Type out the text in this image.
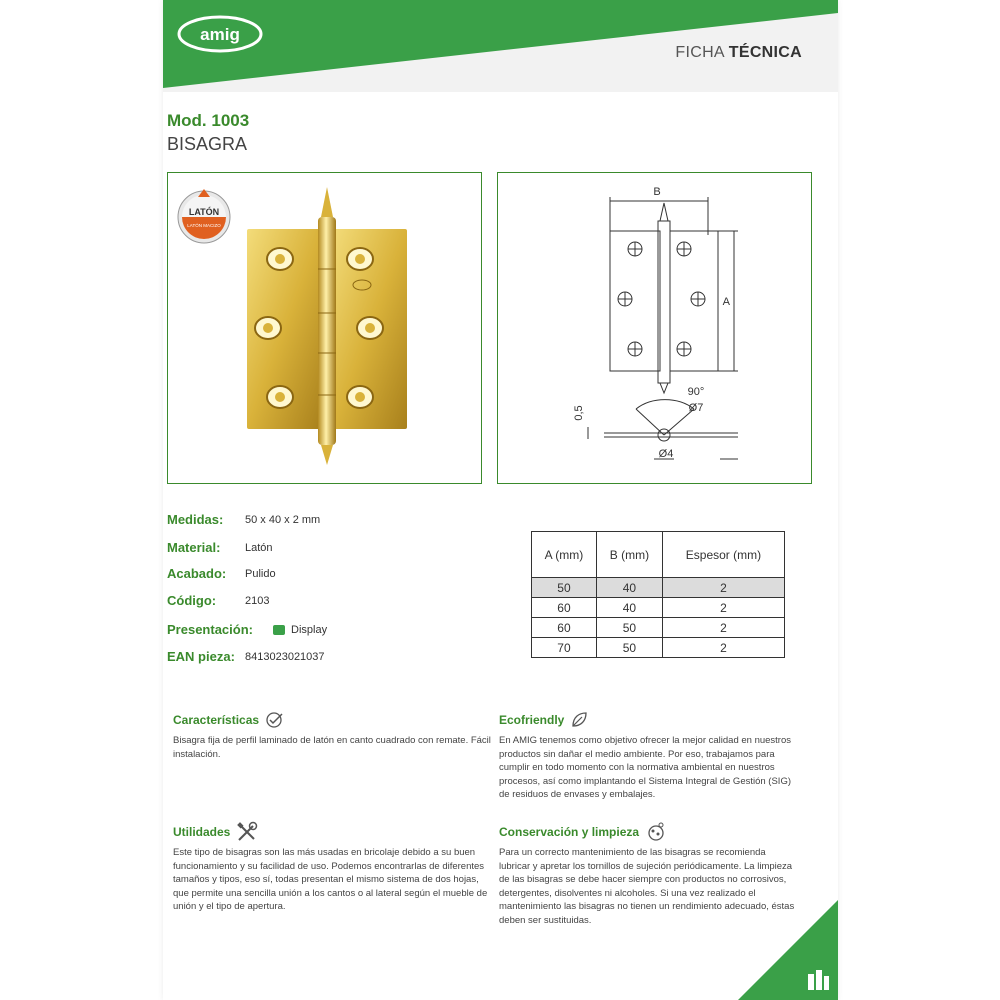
amig
FICHA TÉCNICA
Mod. 1003
BISAGRA
LATÓN
LATÓN MACIZO
B
A
90°
Ø7
Ø4
0,5
Medidas: 50 x 40 x 2 mm
Material: Latón
Acabado: Pulido
Código:	2103
Presentación:	Display
EAN pieza: 8413023021037
A (mm)	B (mm)	Espesor (mm)
50	40	2
60	40	2
60	50	2
70	50	2
Características
Bisagra fija de perfil laminado de latón en canto cuadrado con remate. Fácil instalación.
Ecofriendly
En AMIG tenemos como objetivo ofrecer la mejor calidad en nuestros productos sin dañar el medio ambiente. Por eso, trabajamos para cumplir en todo momento con la normativa ambiental en nuestros procesos, así como implantando el Sistema Integral de Gestión (SIG) de residuos de envases y embalajes.
Utilidades
Este tipo de bisagras son las más usadas en bricolaje debido a su buen funcionamiento y su facilidad de uso. Podemos encontrarlas de diferentes tamaños y tipos, eso sí, todas presentan el mismo sistema de dos hojas, que permite una sencilla unión a los cantos o al lateral según el mueble de unión y el tipo de apertura.
Conservación y limpieza
Para un correcto mantenimiento de las bisagras se recomienda lubricar y apretar los tornillos de sujeción periódicamente. La limpieza de las bisagras se debe hacer siempre con productos no corrosivos, detergentes, disolventes ni alcoholes. Si una vez realizado el mantenimiento las bisagras no tienen un rendimiento adecuado, éstas deben ser sustituidas.
